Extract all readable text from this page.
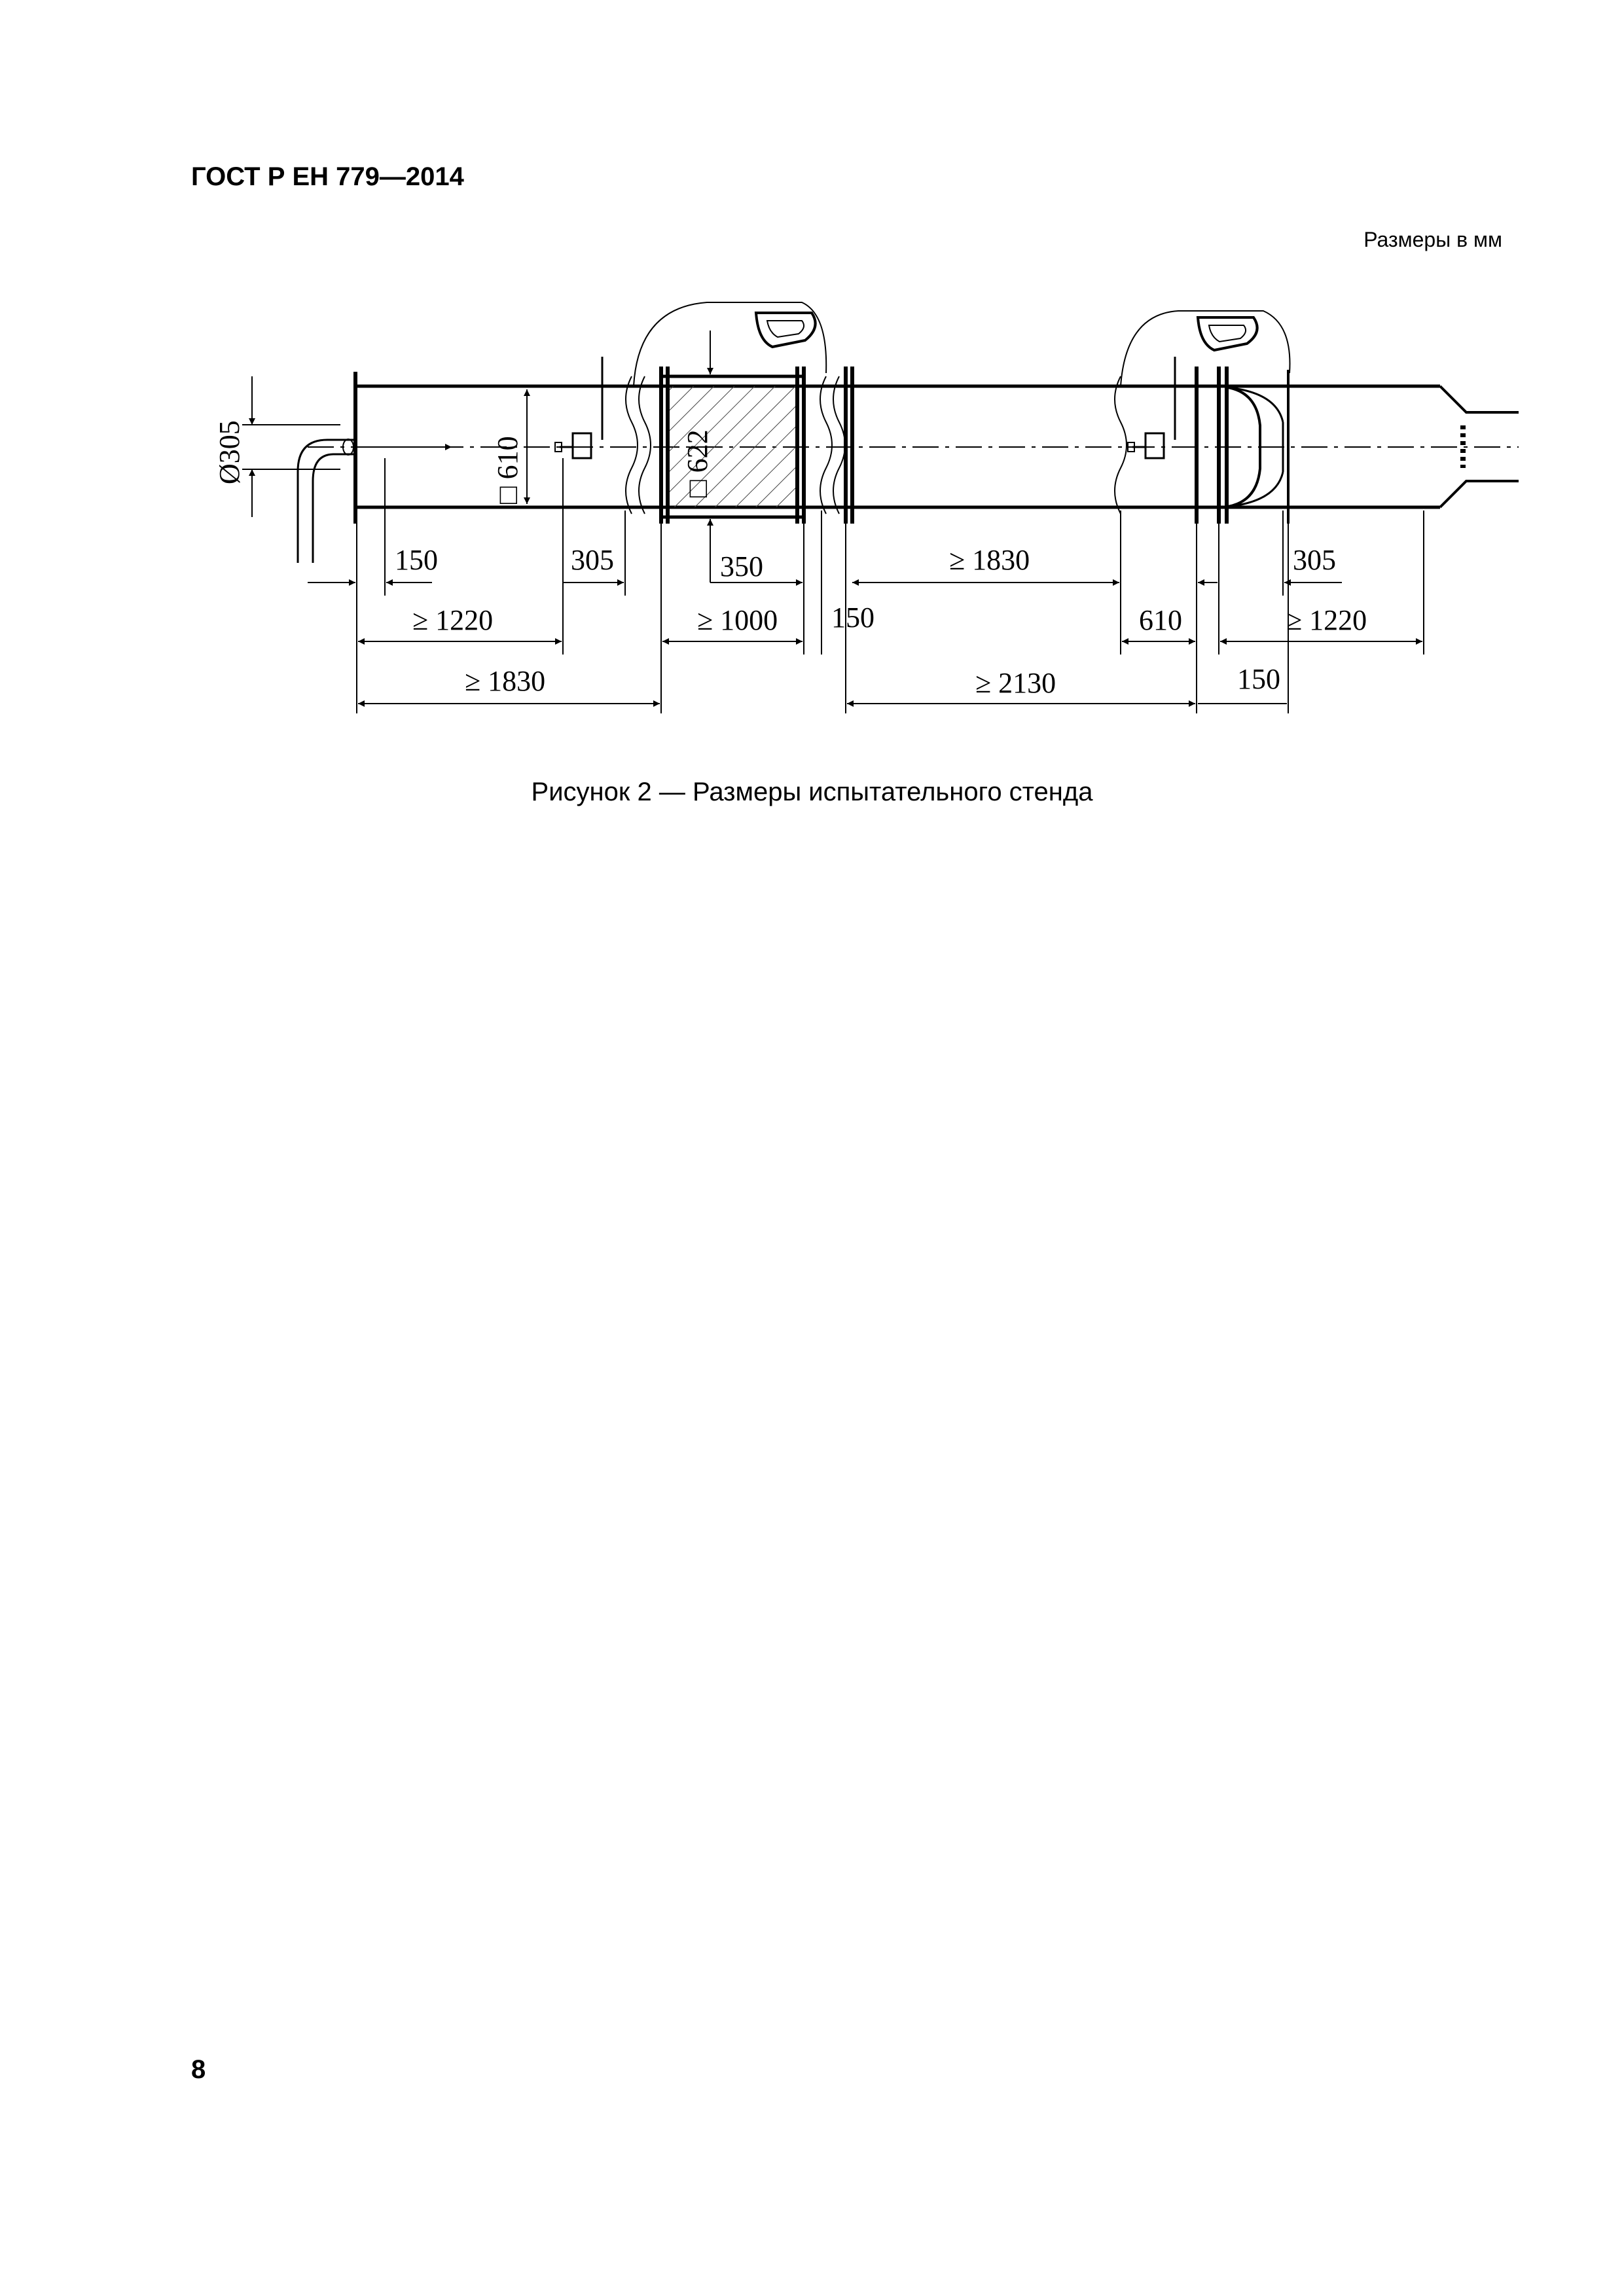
ГОСТ Р ЕН 779—2014
Размеры в мм
Ø305	□ 610	□ 622
150	305	350	≥ 1830	305
≥ 1220	≥ 1000 150	610	≥ 1220
≥ 1830	≥ 2130	150
Рисунок 2 — Размеры испытательного стенда
8
